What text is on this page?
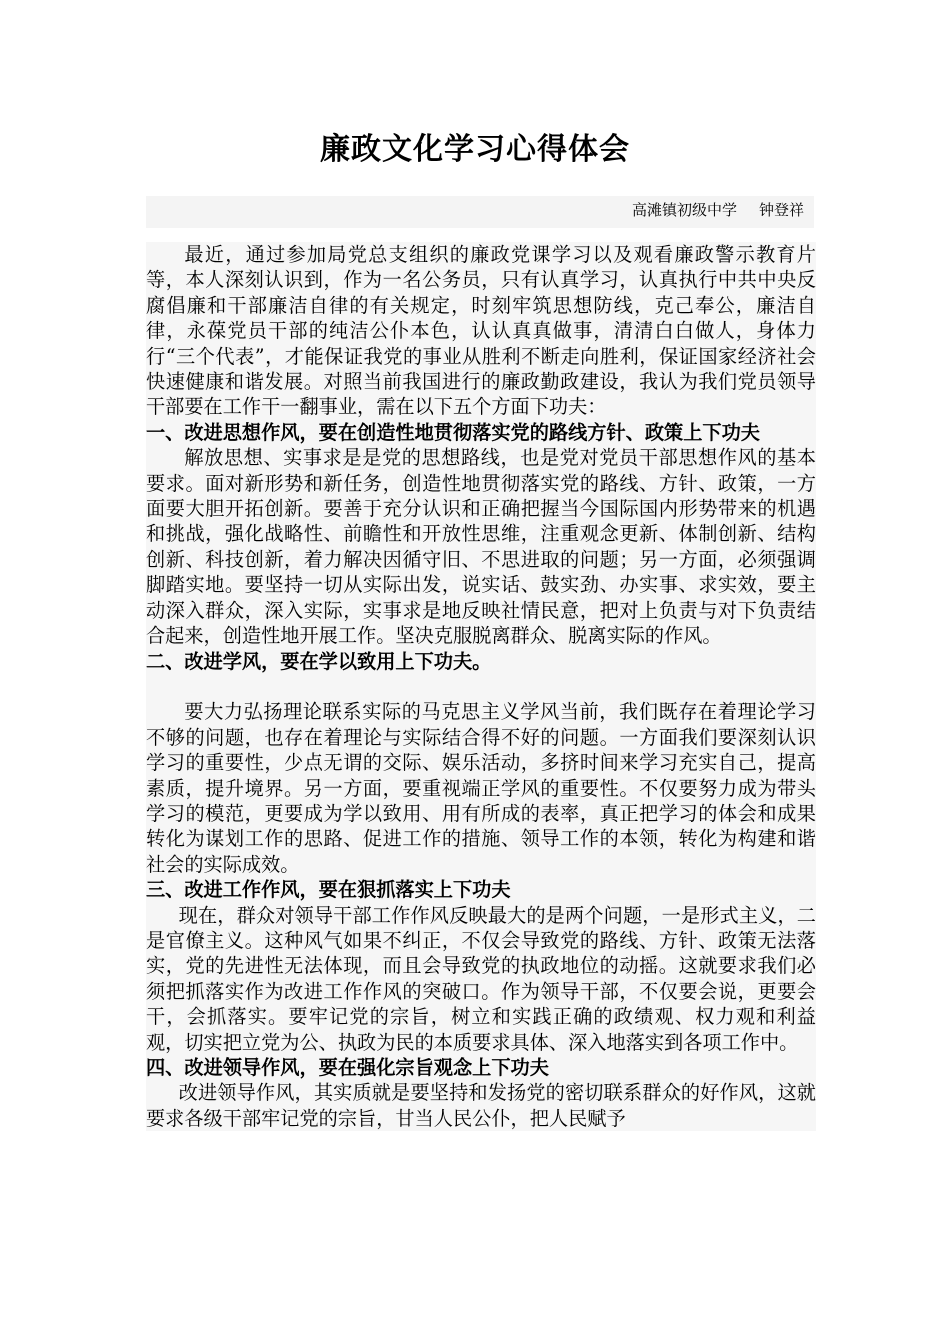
廉政文化学习心得体会
高滩镇初级中学 钟登祥

最近，通过参加局党总支组织的廉政党课学习以及观看廉政警示教育片等，本人深刻认识到，作为一名公务员，只有认真学习，认真执行中共中央反腐倡廉和干部廉洁自律的有关规定，时刻牢筑思想防线，克己奉公，廉洁自律，永葆党员干部的纯洁公仆本色，认认真真做事，清清白白做人，身体力行“三个代表”，才能保证我党的事业从胜利不断走向胜利，保证国家经济社会快速健康和谐发展。对照当前我国进行的廉政勤政建设，我认为我们党员领导干部要在工作干一翻事业，需在以下五个方面下功夫：

一、改进思想作风，要在创造性地贯彻落实党的路线方针、政策上下功夫

解放思想、实事求是是党的思想路线，也是党对党员干部思想作风的基本要求。面对新形势和新任务，创造性地贯彻落实党的路线、方针、政策，一方面要大胆开拓创新。要善于充分认识和正确把握当今国际国内形势带来的机遇和挑战，强化战略性、前瞻性和开放性思维，注重观念更新、体制创新、结构创新、科技创新，着力解决因循守旧、不思进取的问题；另一方面，必须强调脚踏实地。要坚持一切从实际出发，说实话、鼓实劲、办实事、求实效，要主动深入群众，深入实际，实事求是地反映社情民意，把对上负责与对下负责结合起来，创造性地开展工作。坚决克服脱离群众、脱离实际的作风。

二、改进学风，要在学以致用上下功夫。

要大力弘扬理论联系实际的马克思主义学风当前，我们既存在着理论学习不够的问题，也存在着理论与实际结合得不好的问题。一方面我们要深刻认识学习的重要性，少点无谓的交际、娱乐活动，多挤时间来学习充实自己，提高素质，提升境界。另一方面，要重视端正学风的重要性。不仅要努力成为带头学习的模范，更要成为学以致用、用有所成的表率，真正把学习的体会和成果转化为谋划工作的思路、促进工作的措施、领导工作的本领，转化为构建和谐社会的实际成效。

三、改进工作作风，要在狠抓落实上下功夫

现在，群众对领导干部工作作风反映最大的是两个问题，一是形式主义，二是官僚主义。这种风气如果不纠正，不仅会导致党的路线、方针、政策无法落实，党的先进性无法体现，而且会导致党的执政地位的动摇。这就要求我们必须把抓落实作为改进工作作风的突破口。作为领导干部，不仅要会说，更要会干，会抓落实。要牢记党的宗旨，树立和实践正确的政绩观、权力观和利益观，切实把立党为公、执政为民的本质要求具体、深入地落实到各项工作中。

四、改进领导作风，要在强化宗旨观念上下功夫

改进领导作风，其实质就是要坚持和发扬党的密切联系群众的好作风，这就要求各级干部牢记党的宗旨，甘当人民公仆，把人民赋予
